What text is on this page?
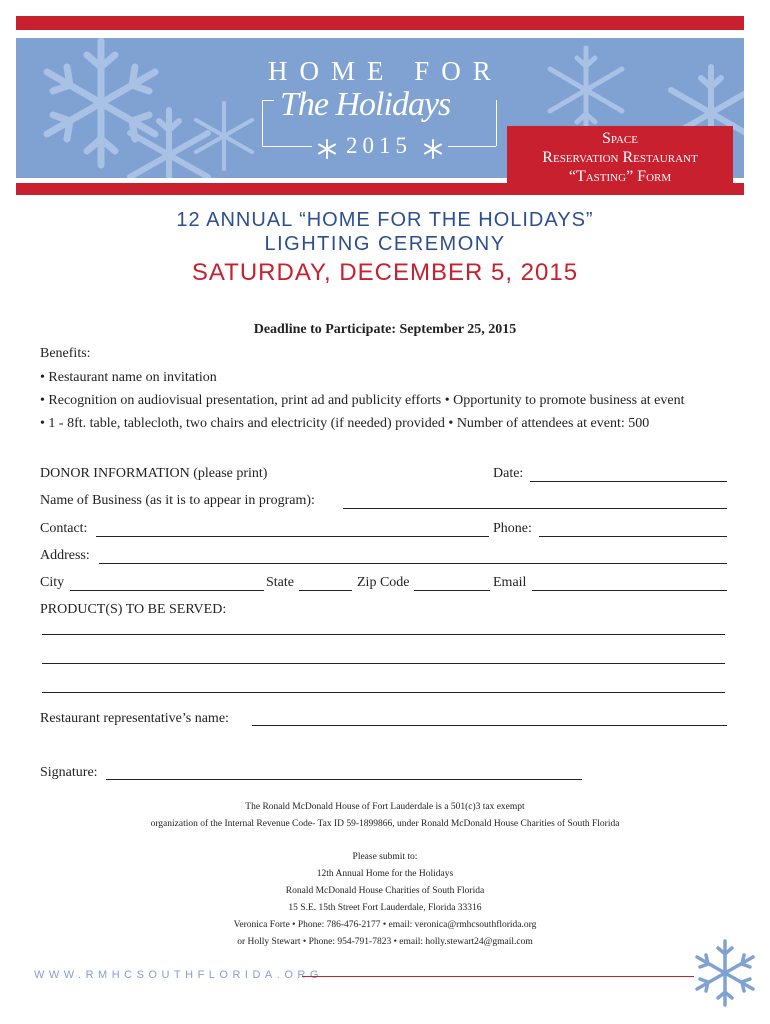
HOME FOR
The Holidays
2015	Space
Reservation Restaurant
“Tasting” Form
12 ANNUAL “HOME FOR THE HOLIDAYS”
LIGHTING CEREMONY
SATURDAY, DECEMBER 5, 2015
Deadline to Participate: September 25, 2015
Benefits:
• Restaurant name on invitation
• Recognition on audiovisual presentation, print ad and publicity efforts • Opportunity to promote business at event
• 1 - 8ft. table, tablecloth, two chairs and electricity (if needed) provided • Number of attendees at event: 500
DONOR INFORMATION (please print)	Date:
Name of Business (as it is to appear in program):
Contact:	Phone:
Address:
City	State	Zip Code	Email
PRODUCT(S) TO BE SERVED:
Restaurant representative’s name:
Signature:
The Ronald McDonald House of Fort Lauderdale is a 501(c)3 tax exempt
organization of the Internal Revenue Code- Tax ID 59-1899866, under Ronald McDonald House Charities of South Florida
Please submit to:
12th Annual Home for the Holidays
Ronald McDonald House Charities of South Florida
15 S.E. 15th Street Fort Lauderdale, Florida 33316
Veronica Forte • Phone: 786-476-2177 • email: veronica@rmhcsouthflorida.org
or Holly Stewart • Phone: 954-791-7823 • email: holly.stewart24@gmail.com
WWW.RMHCSOUTHFLORIDA.ORG
